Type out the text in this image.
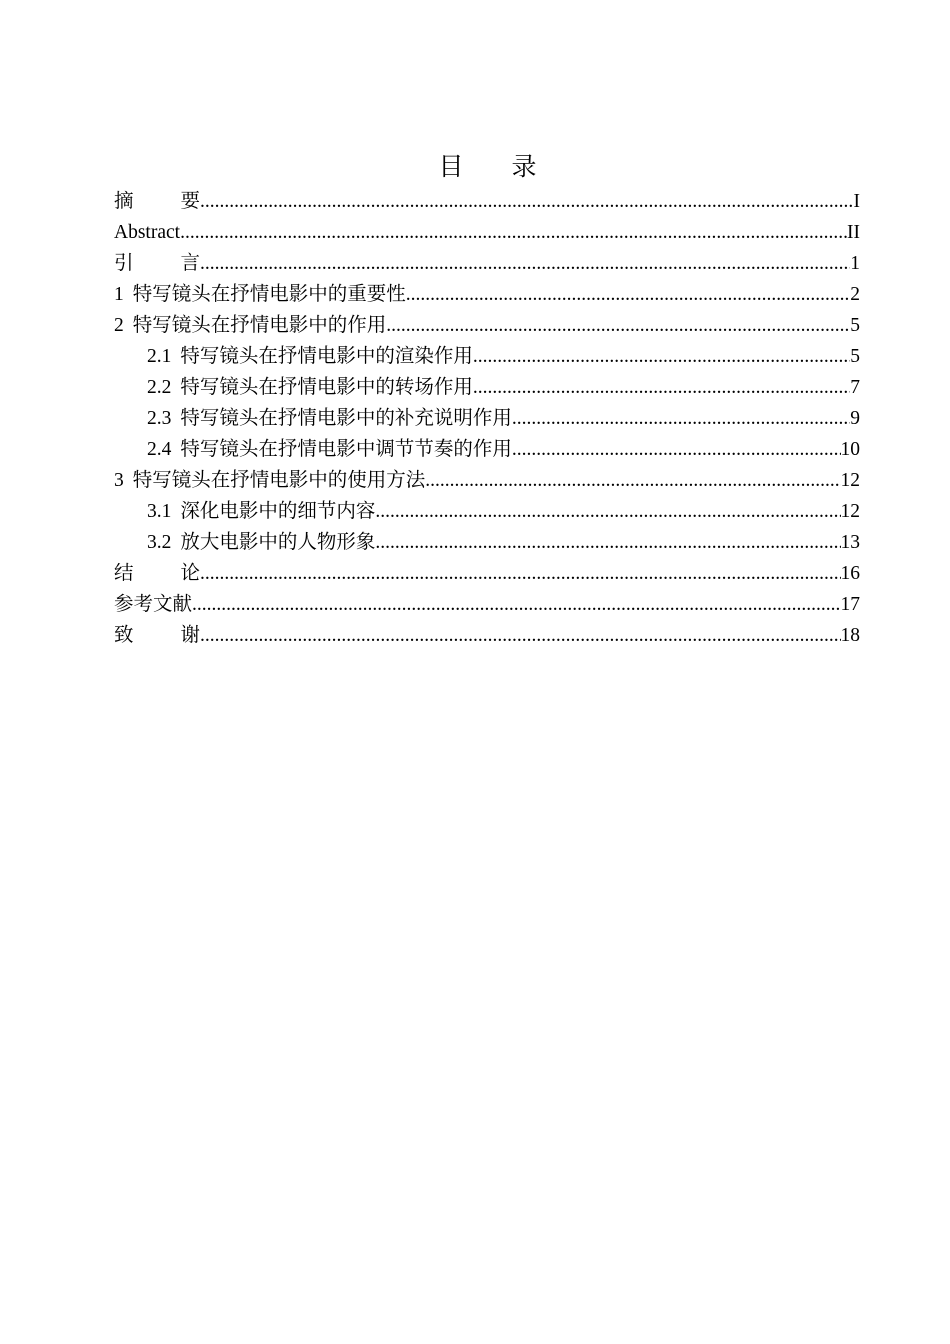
目 录
摘 要 .....	I
Abstract .....	II
引 言 .....	1
1 特写镜头在抒情电影中的重要性 .....	2
2 特写镜头在抒情电影中的作用 .....	5
2.1 特写镜头在抒情电影中的渲染作用 .....	5
2.2 特写镜头在抒情电影中的转场作用 .....	7
2.3 特写镜头在抒情电影中的补充说明作用 .....	9
2.4 特写镜头在抒情电影中调节节奏的作用 .....	10
3 特写镜头在抒情电影中的使用方法 .....	12
3.1 深化电影中的细节内容 .....	12
3.2 放大电影中的人物形象 .....	13
结 论 .....	16
参考文献 .....	17
致 谢 .....	18
